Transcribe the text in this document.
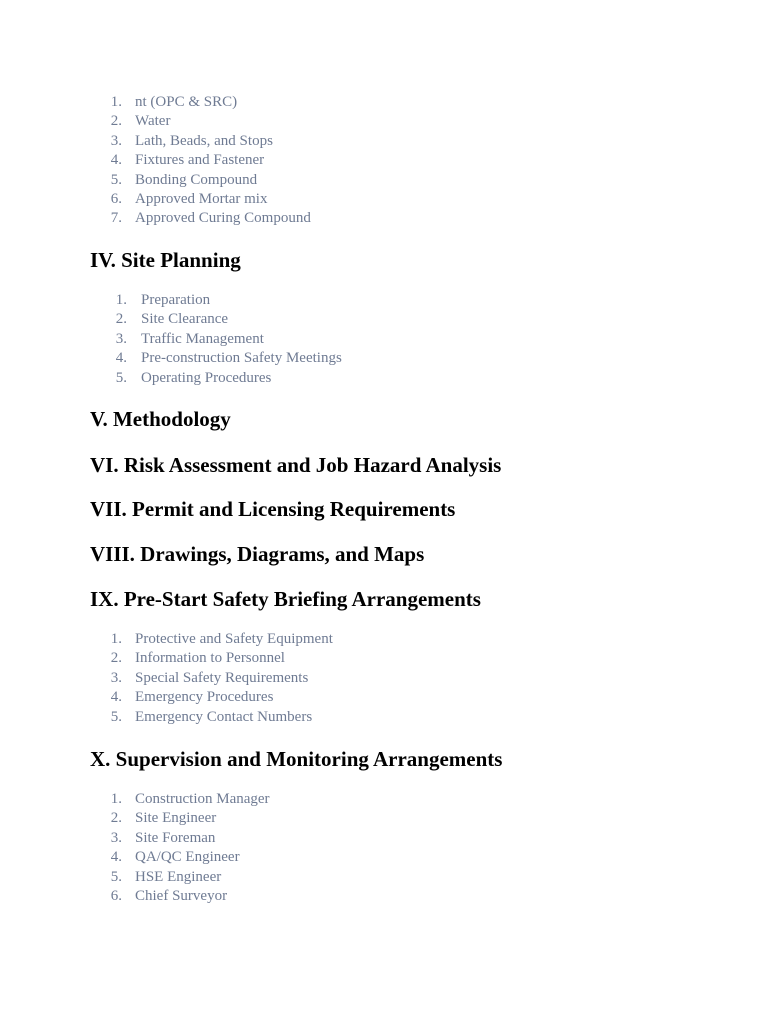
1. nt (OPC & SRC)
2. Water
3. Lath, Beads, and Stops
4. Fixtures and Fastener
5. Bonding Compound
6. Approved Mortar mix
7. Approved Curing Compound
IV. Site Planning
1. Preparation
2. Site Clearance
3. Traffic Management
4. Pre-construction Safety Meetings
5. Operating Procedures
V. Methodology
VI. Risk Assessment and Job Hazard Analysis
VII. Permit and Licensing Requirements
VIII. Drawings, Diagrams, and Maps
IX. Pre-Start Safety Briefing Arrangements
1. Protective and Safety Equipment
2. Information to Personnel
3. Special Safety Requirements
4. Emergency Procedures
5. Emergency Contact Numbers
X. Supervision and Monitoring Arrangements
1. Construction Manager
2. Site Engineer
3. Site Foreman
4. QA/QC Engineer
5. HSE Engineer
6. Chief Surveyor
